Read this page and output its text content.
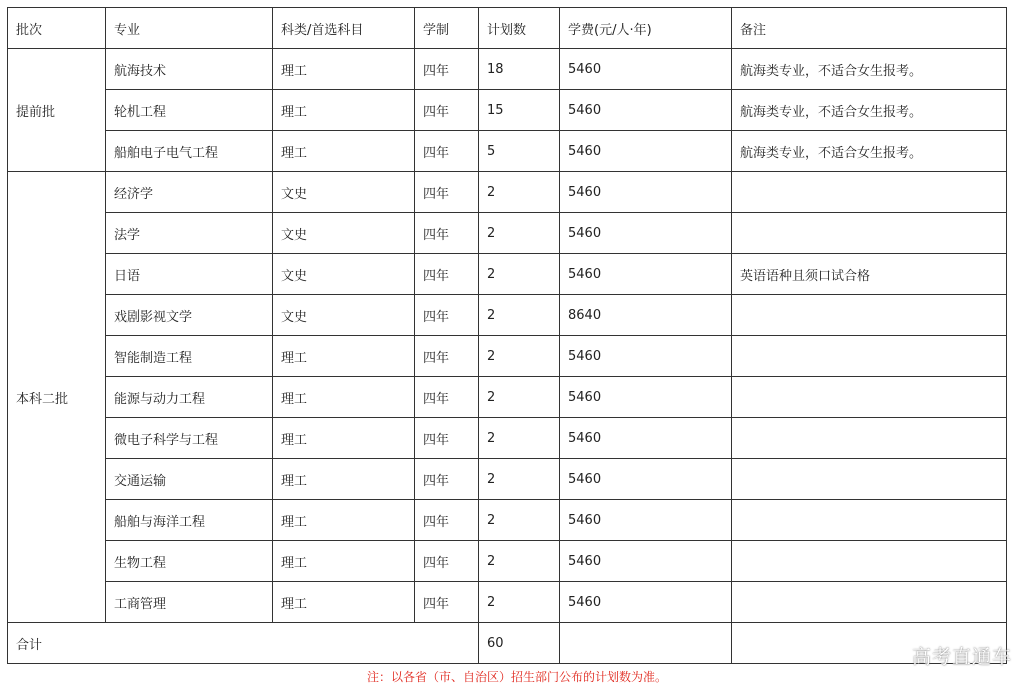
批次	专业	科类/首选科目	学制	计划数	学费(元/人·年)	备注
提前批	航海技术	理工	四年	18	5460	航海类专业，不适合女生报考。
	轮机工程	理工	四年	15	5460	航海类专业，不适合女生报考。
	船舶电子电气工程	理工	四年	5	5460	航海类专业，不适合女生报考。
本科二批	经济学	文史	四年	2	5460	
	法学	文史	四年	2	5460	
	日语	文史	四年	2	5460	英语语种且须口试合格
	戏剧影视文学	文史	四年	2	8640	
	智能制造工程	理工	四年	2	5460	
	能源与动力工程	理工	四年	2	5460	
	微电子科学与工程	理工	四年	2	5460	
	交通运输	理工	四年	2	5460	
	船舶与海洋工程	理工	四年	2	5460	
	生物工程	理工	四年	2	5460	
	工商管理	理工	四年	2	5460	
合计				60		
注：以各省（市、自治区）招生部门公布的计划数为准。
高考直通车
